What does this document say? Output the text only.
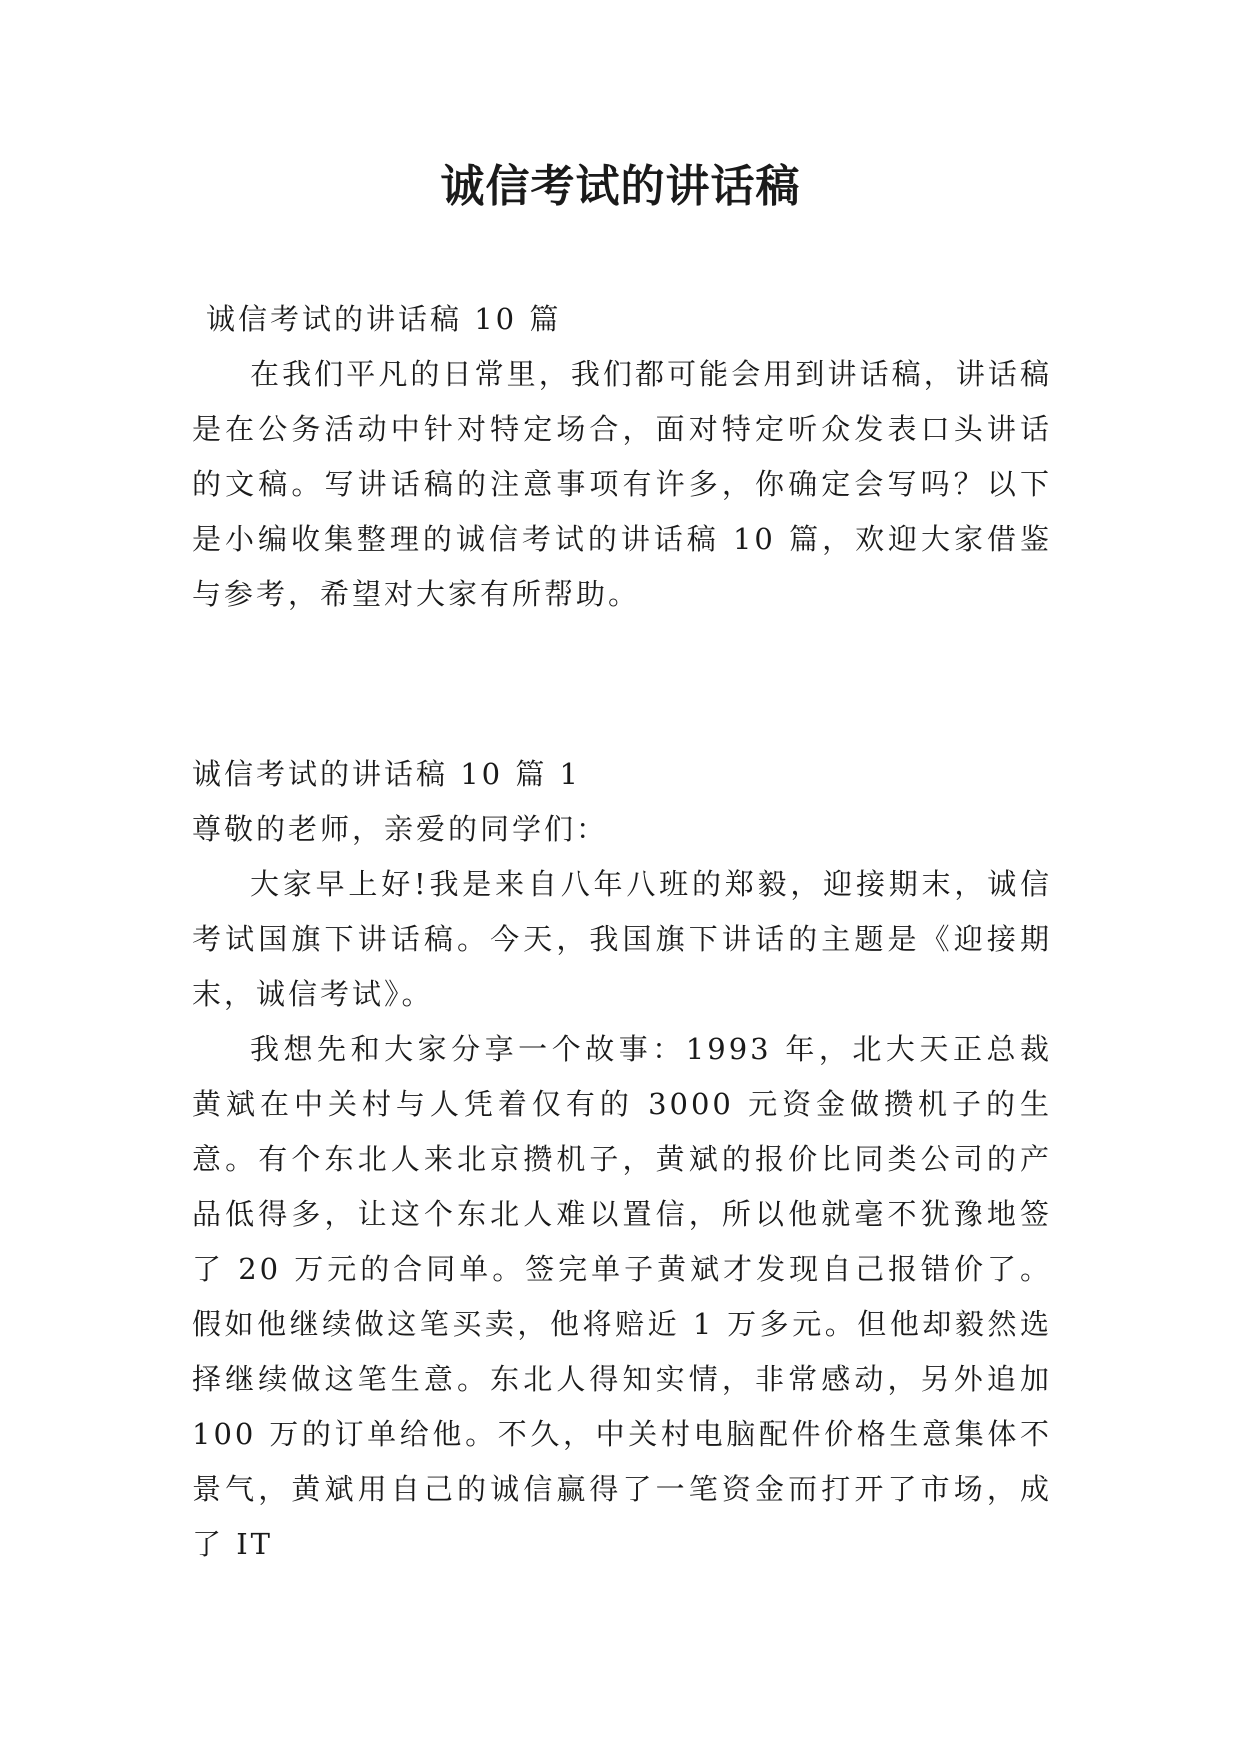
诚信考试的讲话稿

诚信考试的讲话稿 10 篇

在我们平凡的日常里，我们都可能会用到讲话稿，讲话稿是在公务活动中针对特定场合，面对特定听众发表口头讲话的文稿。写讲话稿的注意事项有许多，你确定会写吗？以下是小编收集整理的诚信考试的讲话稿 10 篇，欢迎大家借鉴与参考，希望对大家有所帮助。

诚信考试的讲话稿 10 篇 1

尊敬的老师，亲爱的同学们：

大家早上好!我是来自八年八班的郑毅，迎接期末，诚信考试国旗下讲话稿。今天，我国旗下讲话的主题是《迎接期末，诚信考试》。

我想先和大家分享一个故事：1993 年，北大天正总裁黄斌在中关村与人凭着仅有的 3000 元资金做攒机子的生意。有个东北人来北京攒机子，黄斌的报价比同类公司的产品低得多，让这个东北人难以置信，所以他就毫不犹豫地签了 20 万元的合同单。签完单子黄斌才发现自己报错价了。假如他继续做这笔买卖，他将赔近 1 万多元。但他却毅然选择继续做这笔生意。东北人得知实情，非常感动，另外追加 100 万的订单给他。不久，中关村电脑配件价格生意集体不景气，黄斌用自己的诚信赢得了一笔资金而打开了市场，成了 IT
